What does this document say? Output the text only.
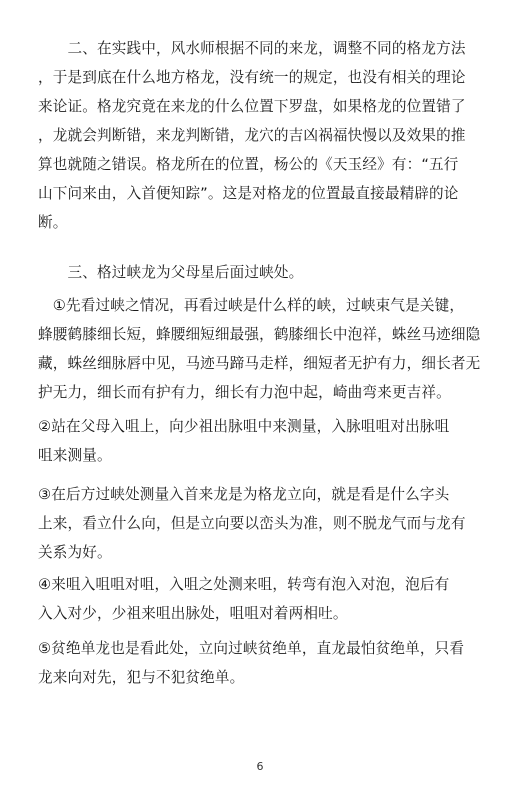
　　二、在实践中，风水师根据不同的来龙，调整不同的格龙方法
，于是到底在什么地方格龙，没有统一的规定，也没有相关的理论
来论证。格龙究竟在来龙的什么位置下罗盘，如果格龙的位置错了
，龙就会判断错，来龙判断错，龙穴的吉凶祸福快慢以及效果的推
算也就随之错误。格龙所在的位置，杨公的《天玉经》有：“五行
山下问来由，入首便知踪”。这是对格龙的位置最直接最精辟的论
断。
　　三、格过峡龙为父母星后面过峡处。
　①先看过峡之情况，再看过峡是什么样的峡，过峡束气是关键，
蜂腰鹤膝细长短，蜂腰细短细最强，鹤膝细长中泡祥，蛛丝马迹细隐
藏，蛛丝细脉唇中见，马迹马蹄马走样，细短者无护有力，细长者无
护无力，细长而有护有力，细长有力泡中起，崎曲弯来更吉祥。
②站在父母入咀上，向少祖出脉咀中来测量，入脉咀咀对出脉咀
咀来测量。
③在后方过峡处测量入首来龙是为格龙立向，就是看是什么字头
上来，看立什么向，但是立向要以峦头为准，则不脱龙气而与龙有
关系为好。
④来咀入咀咀对咀，入咀之处测来咀，转弯有泡入对泡，泡后有
入入对少，少祖来咀出脉处，咀咀对着两相吐。
⑤贫绝单龙也是看此处，立向过峡贫绝单，直龙最怕贫绝单，只看
龙来向对先，犯与不犯贫绝单。
6
